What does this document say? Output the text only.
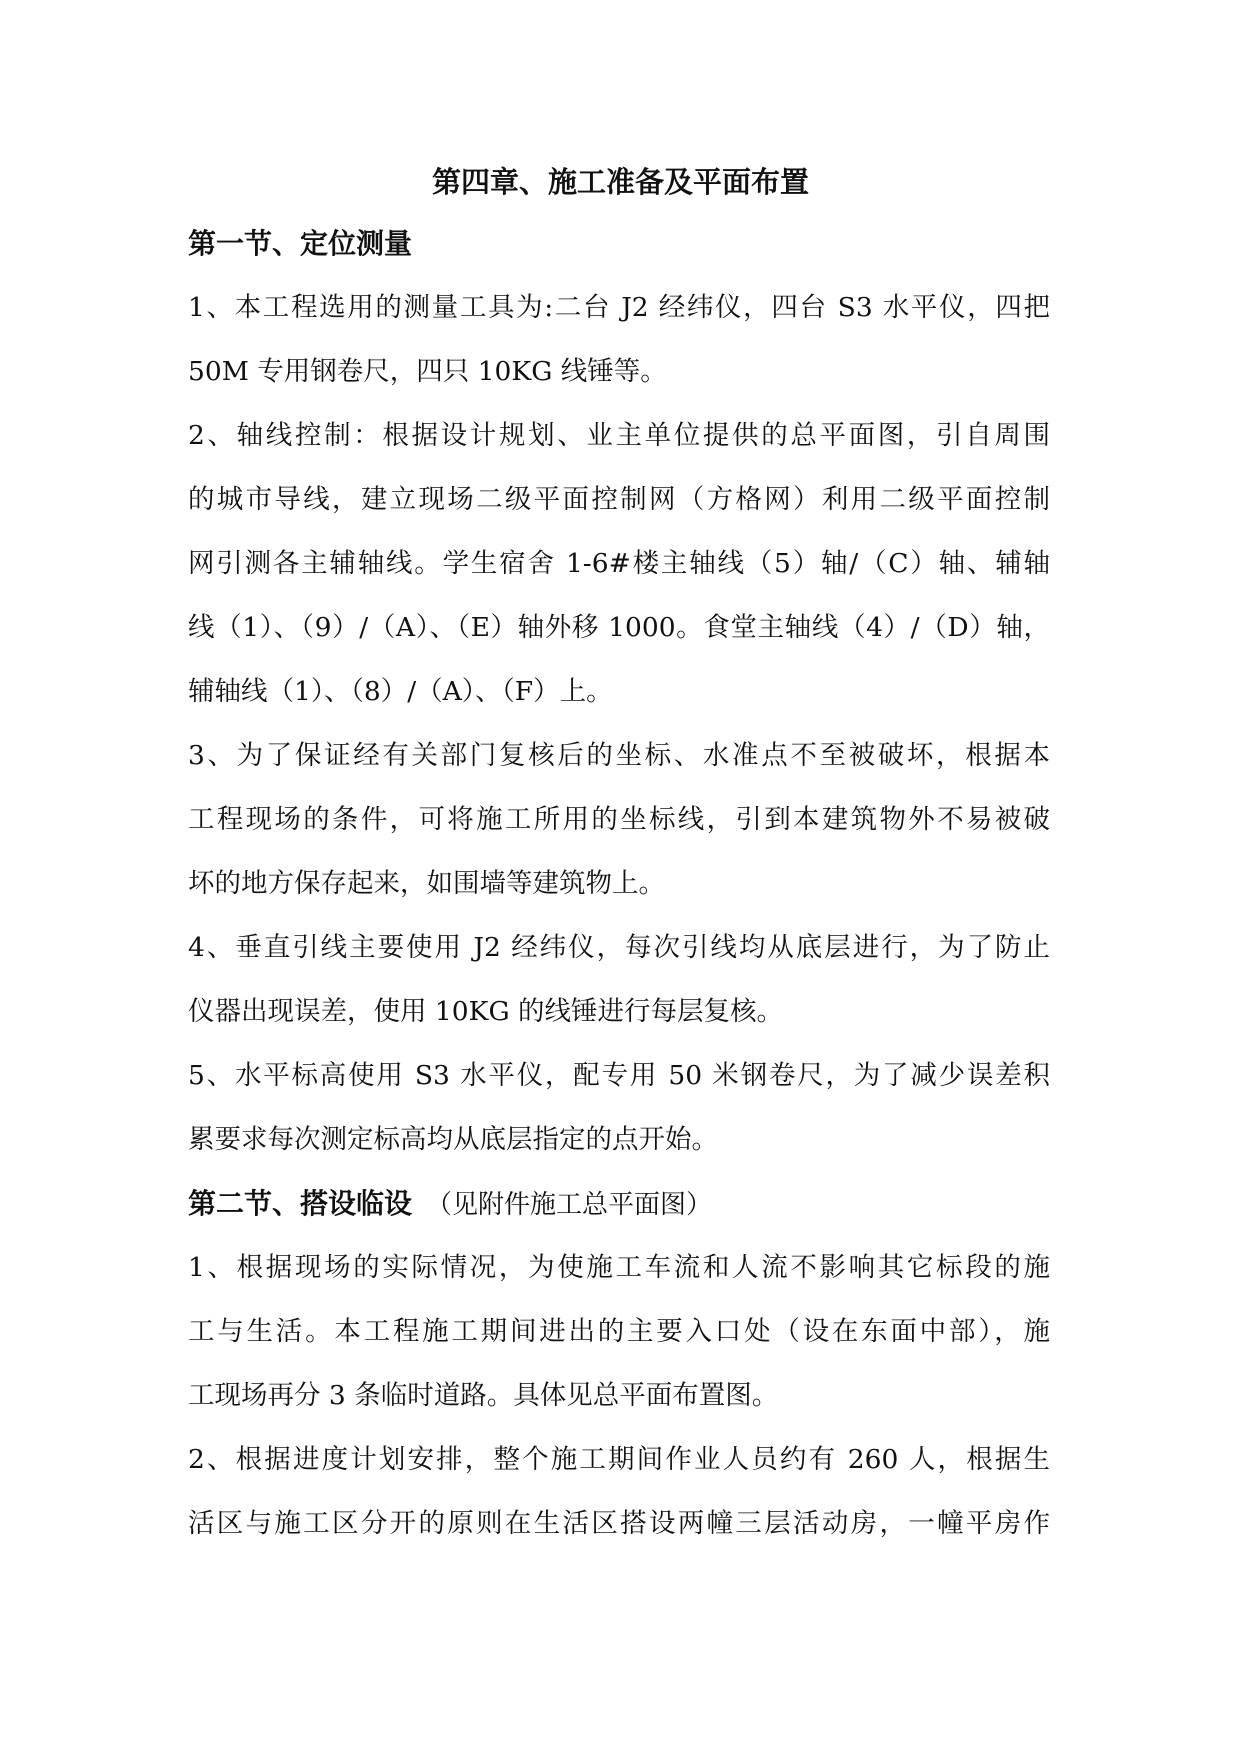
第四章、施工准备及平面布置
第一节、定位测量
1、本工程选用的测量工具为:二台 J2 经纬仪，四台 S3 水平仪，四把
50M 专用钢卷尺，四只 10KG 线锤等。
2、轴线控制：根据设计规划、业主单位提供的总平面图，引自周围
的城市导线，建立现场二级平面控制网（方格网）利用二级平面控制
网引测各主辅轴线。学生宿舍 1-6#楼主轴线（5）轴/（C）轴、辅轴
线（1）、（9）/（A）、（E）轴外移 1000。食堂主轴线（4）/（D）轴，
辅轴线（1）、（8）/（A）、（F）上。
3、为了保证经有关部门复核后的坐标、水准点不至被破坏，根据本
工程现场的条件，可将施工所用的坐标线，引到本建筑物外不易被破
坏的地方保存起来，如围墙等建筑物上。
4、垂直引线主要使用 J2 经纬仪，每次引线均从底层进行，为了防止
仪器出现误差，使用 10KG 的线锤进行每层复核。
5、水平标高使用 S3 水平仪，配专用 50 米钢卷尺，为了减少误差积
累要求每次测定标高均从底层指定的点开始。
第二节、搭设临设 （见附件施工总平面图）
1、根据现场的实际情况，为使施工车流和人流不影响其它标段的施
工与生活。本工程施工期间进出的主要入口处（设在东面中部），施
工现场再分 3 条临时道路。具体见总平面布置图。
2、根据进度计划安排，整个施工期间作业人员约有 260 人，根据生
活区与施工区分开的原则在生活区搭设两幢三层活动房，一幢平房作
